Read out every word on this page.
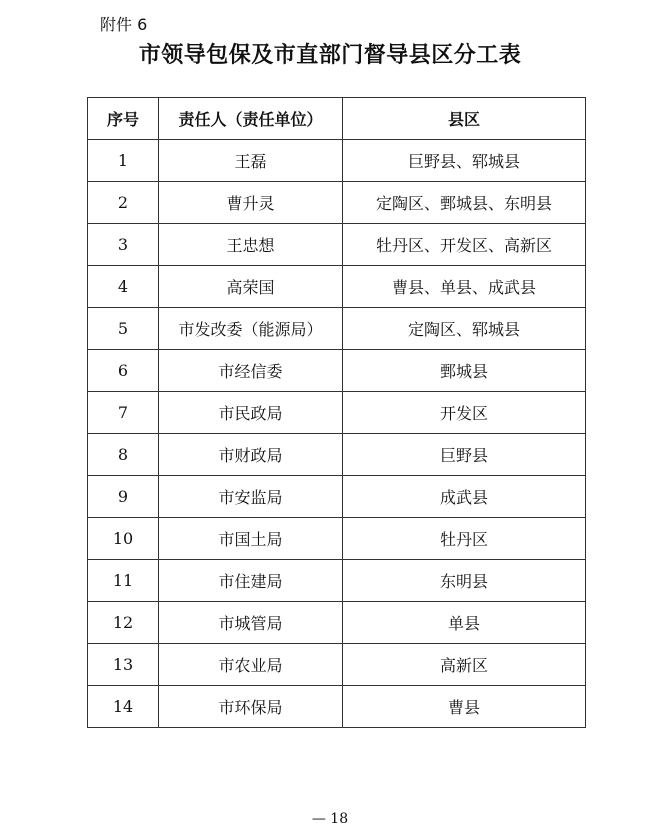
附件 6
市领导包保及市直部门督导县区分工表
序号	责任人（责任单位）	县区
1	王磊	巨野县、郓城县
2	曹升灵	定陶区、鄄城县、东明县
3	王忠想	牡丹区、开发区、高新区
4	高荣国	曹县、单县、成武县
5	市发改委（能源局）	定陶区、郓城县
6	市经信委	鄄城县
7	市民政局	开发区
8	市财政局	巨野县
9	市安监局	成武县
10	市国土局	牡丹区
11	市住建局	东明县
12	市城管局	单县
13	市农业局	高新区
14	市环保局	曹县
— 18
